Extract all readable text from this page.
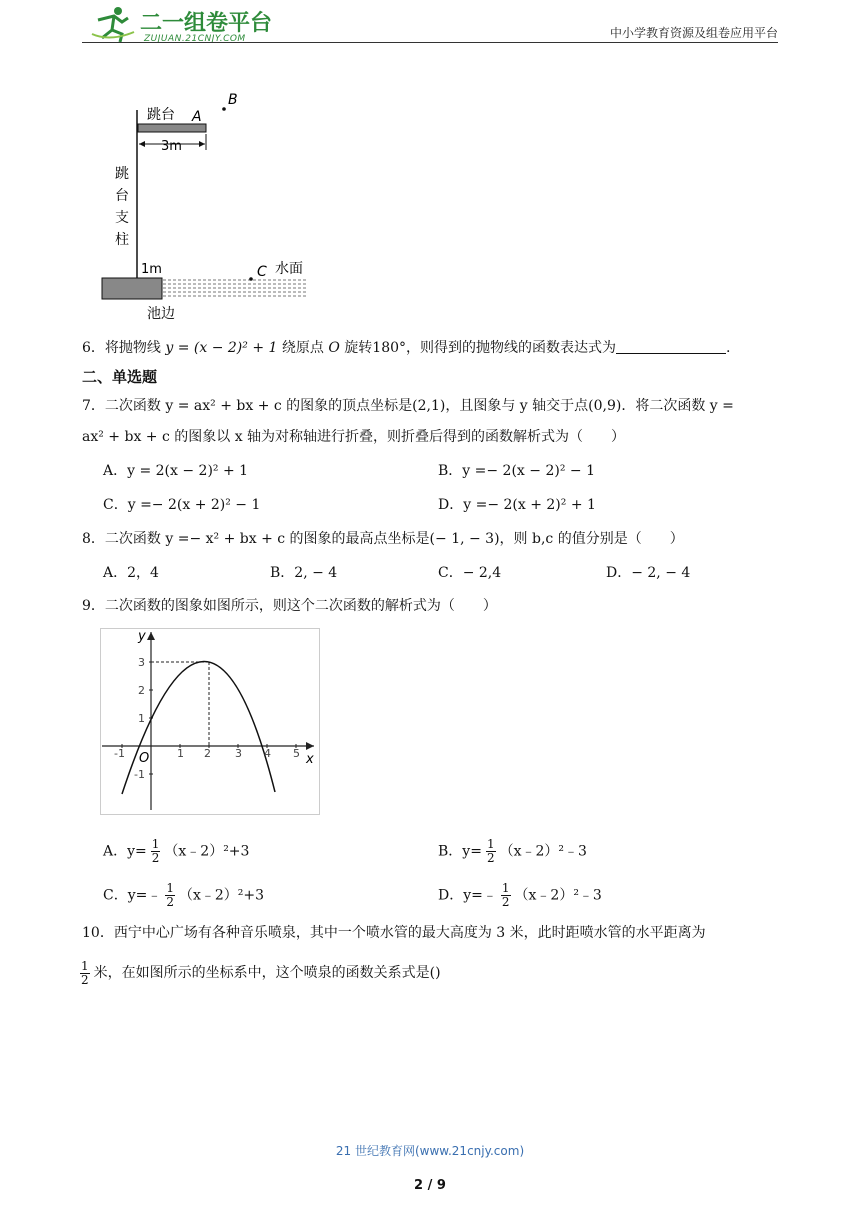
二一组卷平台
ZUJUAN.21CNJY.COM	中小学教育资源及组卷应用平台
跳台 A
B
3m
跳
台
支
柱
1m	C 水面
池边
6．将抛物线 y = (x − 2)² + 1 绕原点 O 旋转180°，则得到的抛物线的函数表达式为	.
二、单选题
7．二次函数 y = ax² + bx + c 的图象的顶点坐标是(2,1)，且图象与 y 轴交于点(0,9)．将二次函数 y =
ax² + bx + c 的图象以 x 轴为对称轴进行折叠，则折叠后得到的函数解析式为（　　）
A．y = 2(x − 2)² + 1	B．y =− 2(x − 2)² − 1
C．y =− 2(x + 2)² − 1	D．y =− 2(x + 2)² + 1
8．二次函数 y =− x² + bx + c 的图象的最高点坐标是(− 1, − 3)，则 b,c 的值分别是（　　）
A．2，4	B．2, − 4	C．− 2,4	D．− 2, − 4
9．二次函数的图象如图所示，则这个二次函数的解析式为（　　）
y
x
O
-1	1 2 3 4 5
3
2
1
-1
A．$y= \frac{1}{2}$ （x﹣2）²+3	B．$y= \frac{1}{2}$ （x﹣2）²﹣3
C．y=﹣ $\frac{1}{2}$ （x﹣2）²+3	D．y=﹣ $\frac{1}{2}$ （x﹣2）²﹣3
10．西宁中心广场有各种音乐喷泉，其中一个喷水管的最大高度为 3 米，此时距喷水管的水平距离为
$\frac{1}{2}$ 米，在如图所示的坐标系中，这个喷泉的函数关系式是()
21 世纪教育网(www.21cnjy.com)
2 / 9
